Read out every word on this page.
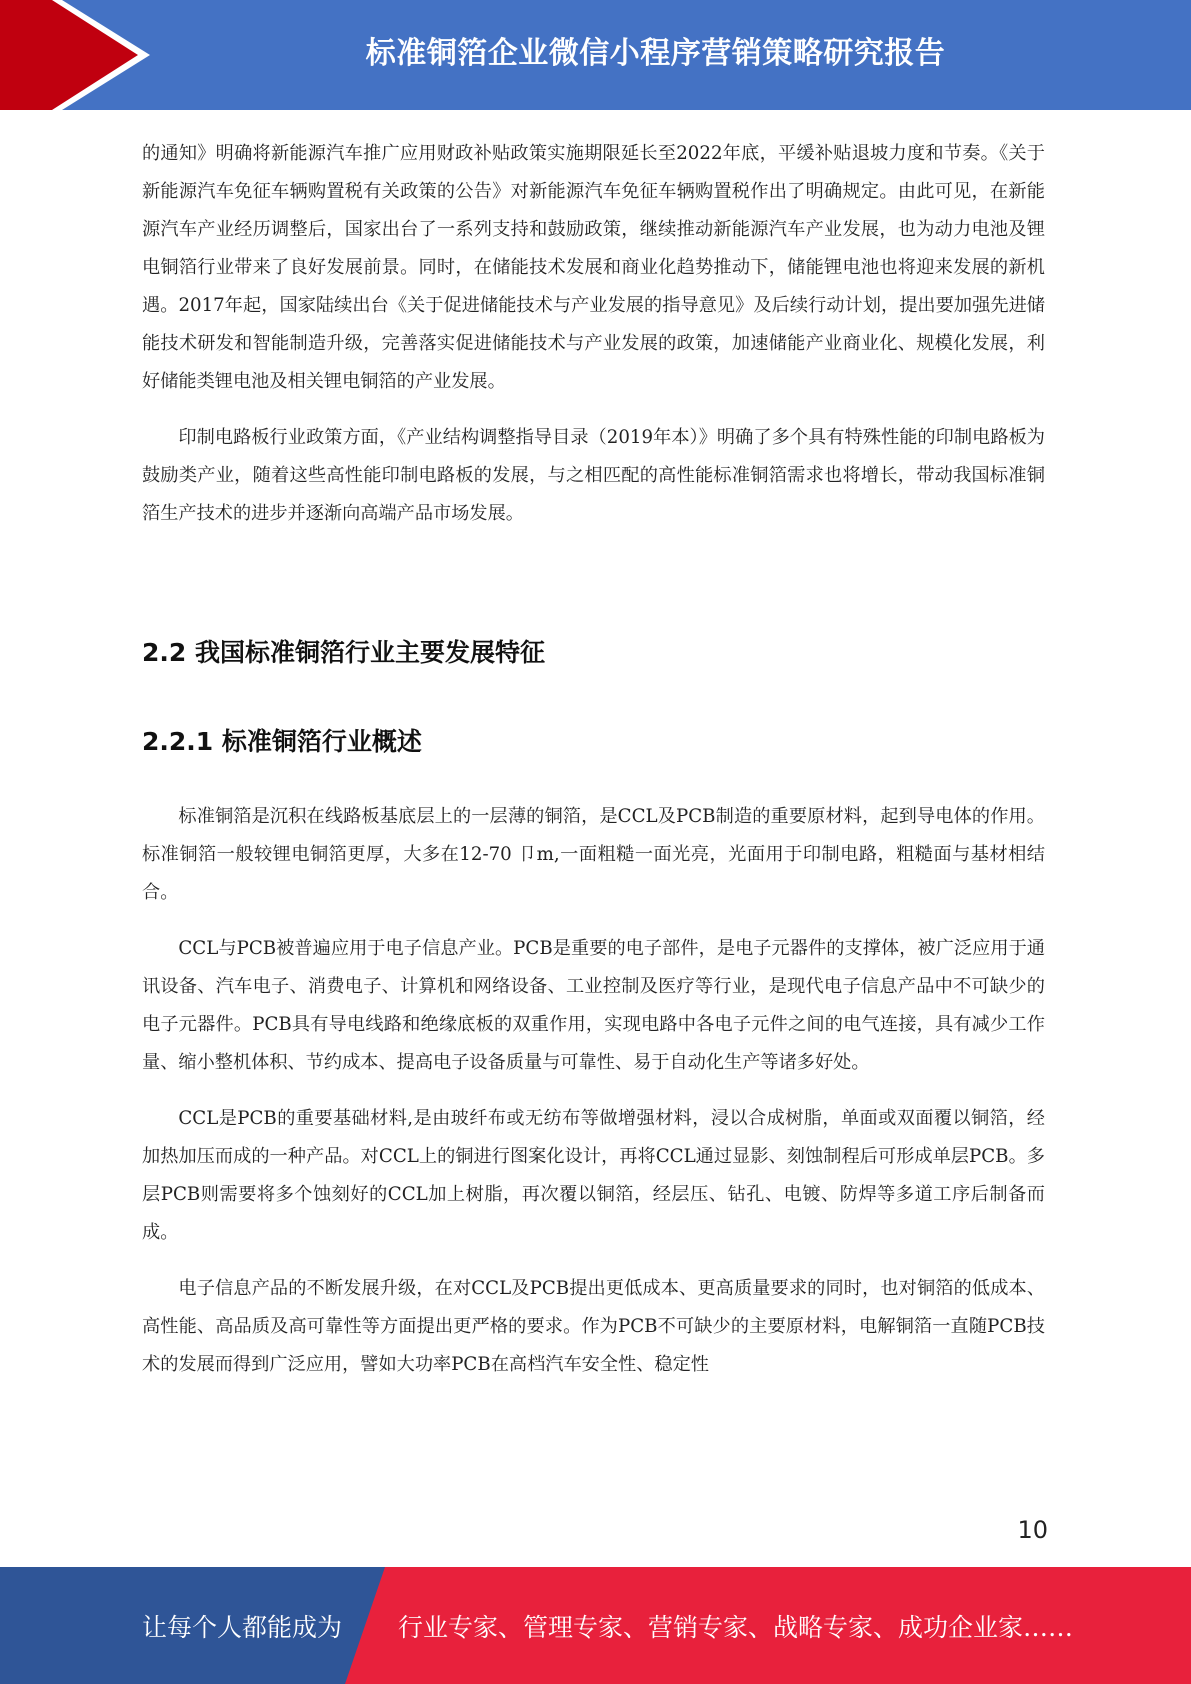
标准铜箔企业微信小程序营销策略研究报告

的通知》明确将新能源汽车推广应用财政补贴政策实施期限延长至2022年底，平缓补贴退坡力度和节奏。《关于新能源汽车免征车辆购置税有关政策的公告》对新能源汽车免征车辆购置税作出了明确规定。由此可见，在新能源汽车产业经历调整后，国家出台了一系列支持和鼓励政策，继续推动新能源汽车产业发展，也为动力电池及锂电铜箔行业带来了良好发展前景。同时，在储能技术发展和商业化趋势推动下，储能锂电池也将迎来发展的新机遇。2017年起，国家陆续出台《关于促进储能技术与产业发展的指导意见》及后续行动计划，提出要加强先进储能技术研发和智能制造升级，完善落实促进储能技术与产业发展的政策，加速储能产业商业化、规模化发展，利好储能类锂电池及相关锂电铜箔的产业发展。

印制电路板行业政策方面，《产业结构调整指导目录（2019年本）》明确了多个具有特殊性能的印制电路板为鼓励类产业，随着这些高性能印制电路板的发展，与之相匹配的高性能标准铜箔需求也将增长，带动我国标准铜箔生产技术的进步并逐渐向高端产品市场发展。

2.2 我国标准铜箔行业主要发展特征
2.2.1 标准铜箔行业概述

标准铜箔是沉积在线路板基底层上的一层薄的铜箔，是CCL及PCB制造的重要原材料，起到导电体的作用。标准铜箔一般较锂电铜箔更厚，大多在12-70 卩m,一面粗糙一面光亮，光面用于印制电路，粗糙面与基材相结合。

CCL与PCB被普遍应用于电子信息产业。PCB是重要的电子部件，是电子元器件的支撑体，被广泛应用于通讯设备、汽车电子、消费电子、计算机和网络设备、工业控制及医疗等行业，是现代电子信息产品中不可缺少的电子元器件。PCB具有导电线路和绝缘底板的双重作用，实现电路中各电子元件之间的电气连接，具有减少工作量、缩小整机体积、节约成本、提高电子设备质量与可靠性、易于自动化生产等诸多好处。

CCL是PCB的重要基础材料,是由玻纤布或无纺布等做增强材料，浸以合成树脂，单面或双面覆以铜箔，经加热加压而成的一种产品。对CCL上的铜进行图案化设计，再将CCL通过显影、刻蚀制程后可形成单层PCB。多层PCB则需要将多个蚀刻好的CCL加上树脂，再次覆以铜箔，经层压、钻孔、电镀、防焊等多道工序后制备而成。

电子信息产品的不断发展升级，在对CCL及PCB提出更低成本、更高质量要求的同时，也对铜箔的低成本、高性能、高品质及高可靠性等方面提出更严格的要求。作为PCB不可缺少的主要原材料，电解铜箔一直随PCB技术的发展而得到广泛应用，譬如大功率PCB在高档汽车安全性、稳定性

10
让每个人都能成为 行业专家、管理专家、营销专家、战略专家、成功企业家……
